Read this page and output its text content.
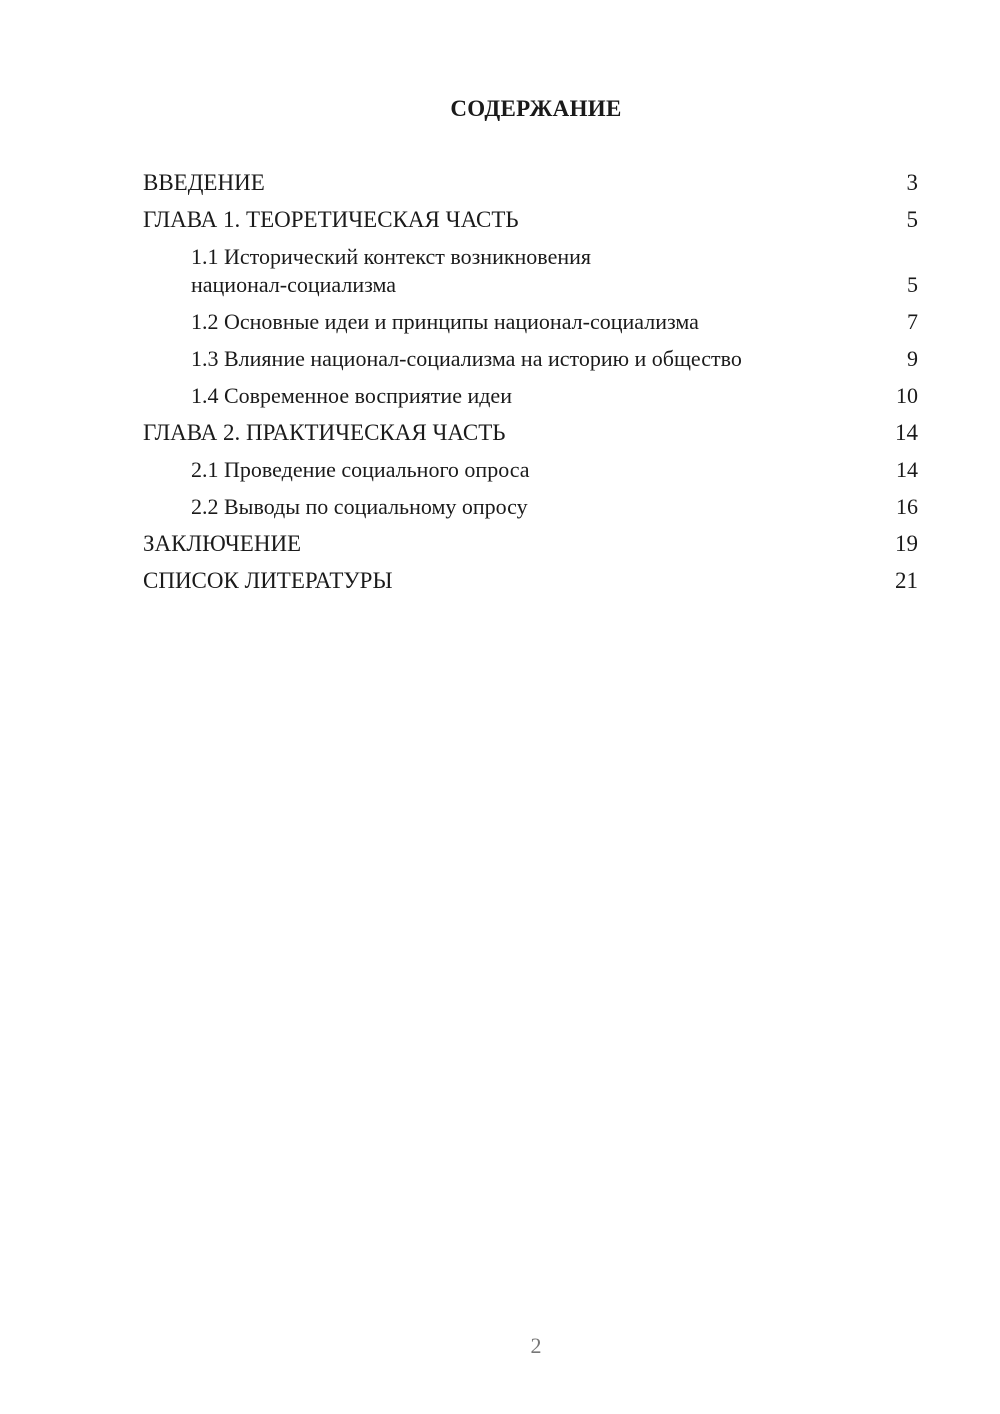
СОДЕРЖАНИЕ
ВВЕДЕНИЕ	3
ГЛАВА 1. ТЕОРЕТИЧЕСКАЯ ЧАСТЬ	5
1.1 Исторический контекст возникновения национал-социализма	5
1.2 Основные идеи и принципы национал-социализма	7
1.3 Влияние национал-социализма на историю и общество	9
1.4 Современное восприятие идеи	10
ГЛАВА 2. ПРАКТИЧЕСКАЯ ЧАСТЬ	14
2.1 Проведение социального опроса	14
2.2 Выводы по социальному опросу	16
ЗАКЛЮЧЕНИЕ	19
СПИСОК ЛИТЕРАТУРЫ	21
2
